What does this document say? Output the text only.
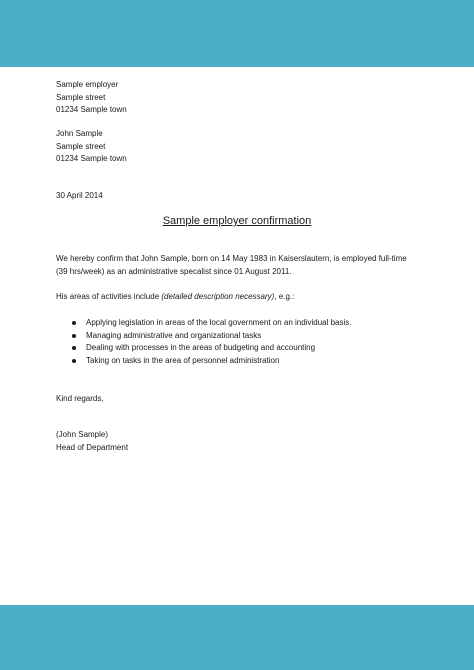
Sample employer
Sample street
01234 Sample town
John Sample
Sample street
01234 Sample town
30 April 2014
Sample employer confirmation
We hereby confirm that John Sample, born on 14 May 1983 in Kaiserslautern, is employed full-time
(39 hrs/week) as an administrative specalist since 01 August 2011.
His areas of activities include (detailed description necessary), e.g.:
Applying legislation in areas of the local government on an individual basis.
Managing administrative and organizational tasks
Dealing with processes in the areas of budgeting and accounting
Taking on tasks in the area of personnel administration
Kind regards,
(John Sample)
Head of Department
